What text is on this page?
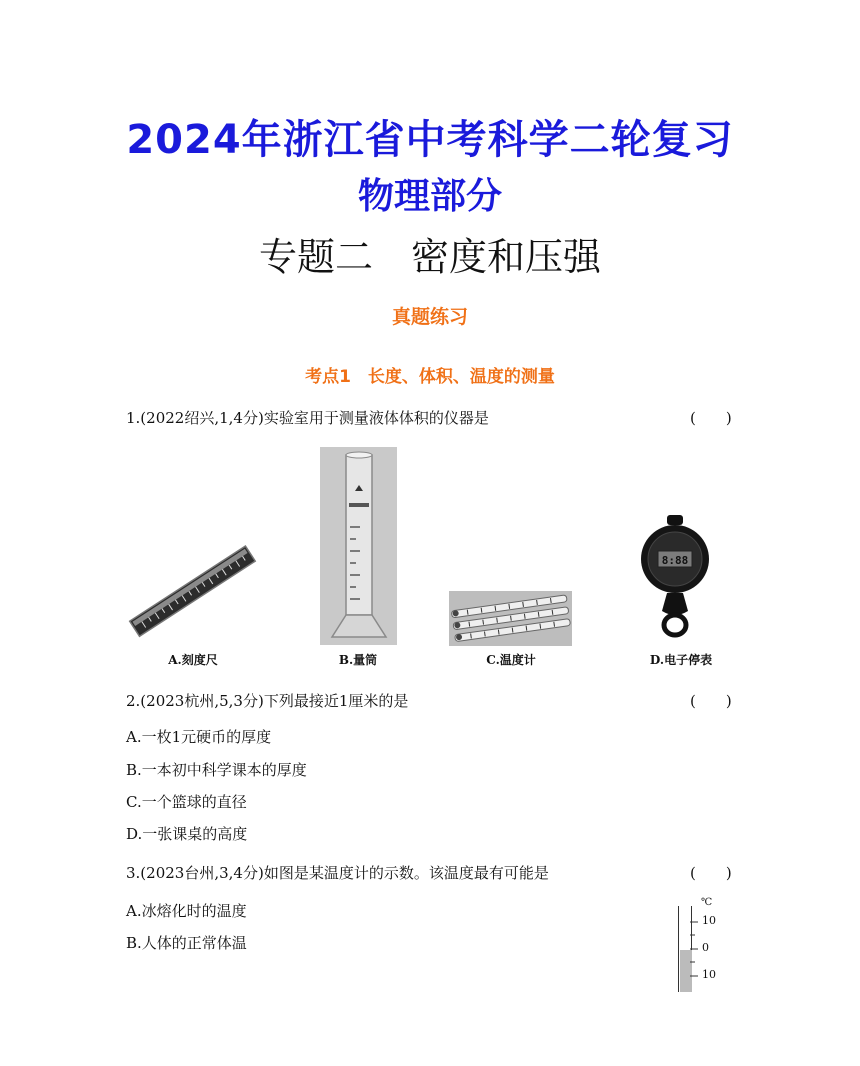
2024年浙江省中考科学二轮复习
物理部分
专题二　密度和压强
真题练习
考点1　长度、体积、温度的测量
1.(2022绍兴,1,4分)实验室用于测量液体体积的仪器是	(　　)
A.刻度尺	B.量筒	C.温度计
8:88
D.电子停表
2.(2023杭州,5,3分)下列最接近1厘米的是	(　　)
A.一枚1元硬币的厚度
B.一本初中科学课本的厚度
C.一个篮球的直径
D.一张课桌的高度
3.(2023台州,3,4分)如图是某温度计的示数。该温度最有可能是	(　　)
A.冰熔化时的温度
B.人体的正常体温
℃
10
0
10
